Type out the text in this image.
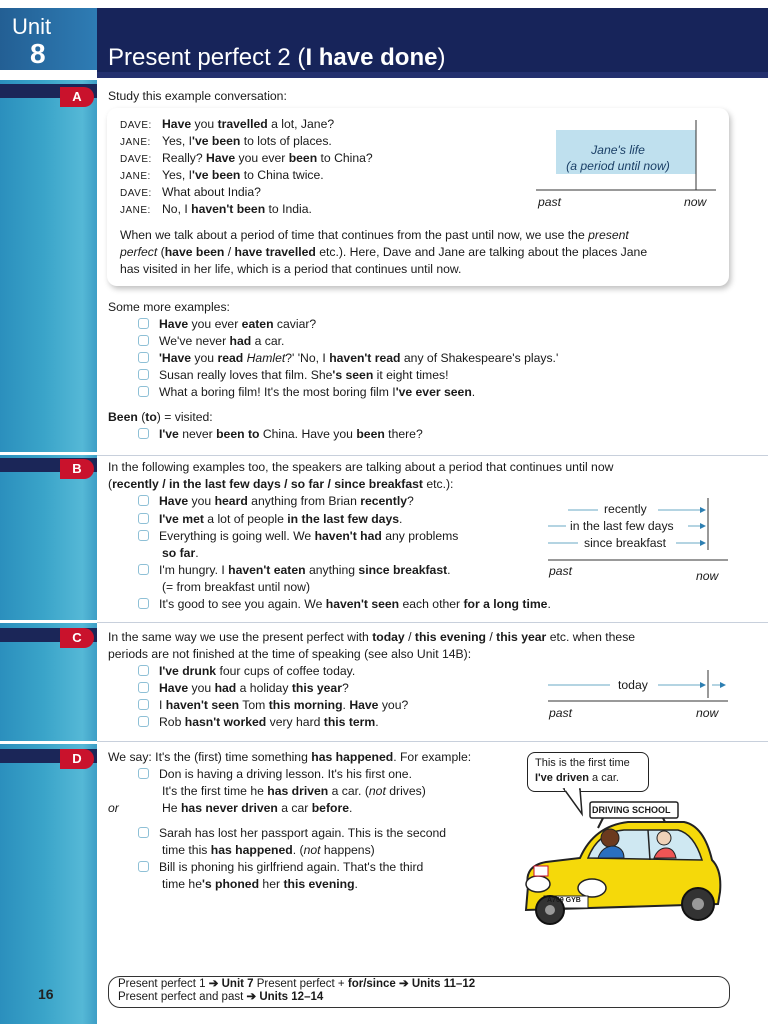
Unit
8	Present perfect 2 (I have done)
A
B
C
D
Study this example conversation:
DAVE: Have you travelled a lot, Jane?
JANE: Yes, I've been to lots of places.
DAVE: Really? Have you ever been to China?
JANE: Yes, I've been to China twice.
DAVE: What about India?
JANE: No, I haven't been to India.
Jane's life
(a period until now)
past	now
When we talk about a period of time that continues from the past until now, we use the present
perfect (have been / have travelled etc.). Here, Dave and Jane are talking about the places Jane
has visited in her life, which is a period that continues until now.
Some more examples:
Have you ever eaten caviar?
We've never had a car.
'Have you read Hamlet?' 'No, I haven't read any of Shakespeare's plays.'
Susan really loves that film. She's seen it eight times!
What a boring film! It's the most boring film I've ever seen.
Been (to) = visited:
I've never been to China. Have you been there?
In the following examples too, the speakers are talking about a period that continues until now
(recently / in the last few days / so far / since breakfast etc.):
Have you heard anything from Brian recently?
I've met a lot of people in the last few days.
Everything is going well. We haven't had any problems
so far.
I'm hungry. I haven't eaten anything since breakfast.
(= from breakfast until now)
It's good to see you again. We haven't seen each other for a long time.
recently
in the last few days
since breakfast
past	now
In the same way we use the present perfect with today / this evening / this year etc. when these
periods are not finished at the time of speaking (see also Unit 14B):
I've drunk four cups of coffee today.
Have you had a holiday this year?
I haven't seen Tom this morning. Have you?
Rob hasn't worked very hard this term.
today
past	now
We say: It's the (first) time something has happened. For example:
Don is having a driving lesson. It's his first one.
It's the first time he has driven a car. (not drives)
or	He has never driven a car before.
Sarah has lost her passport again. This is the second
time this has happened. (not happens)
Bill is phoning his girlfriend again. That's the third
time he's phoned her this evening.
This is the first time
I've driven a car.
DRIVING SCHOOL
A709 GYB
Present perfect 1 ➔ Unit 7 Present perfect + for/since ➔ Units 11–12
Present perfect and past ➔ Units 12–14
16
